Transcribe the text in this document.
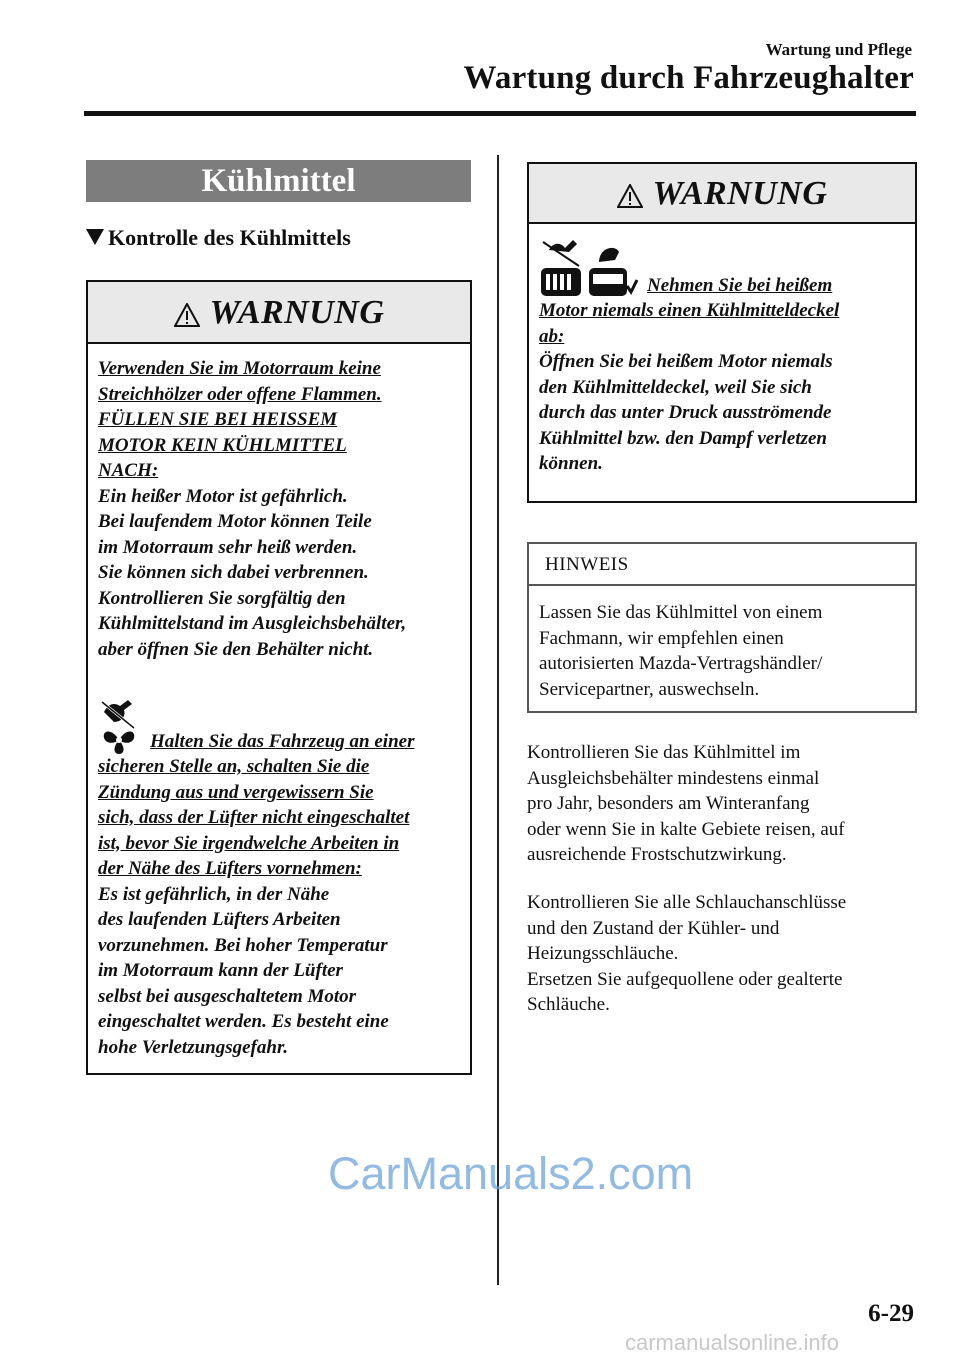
Wartung und Pflege
Wartung durch Fahrzeughalter
Kühlmittel
Kontrolle des Kühlmittels
WARNUNG
Verwenden Sie im Motorraum keine
Streichhölzer oder offene Flammen.
FÜLLEN SIE BEI HEISSEM
MOTOR KEIN KÜHLMITTEL
NACH:
Ein heißer Motor ist gefährlich.
Bei laufendem Motor können Teile
im Motorraum sehr heiß werden.
Sie können sich dabei verbrennen.
Kontrollieren Sie sorgfältig den
Kühlmittelstand im Ausgleichsbehälter,
aber öffnen Sie den Behälter nicht.
Halten Sie das Fahrzeug an einer
sicheren Stelle an, schalten Sie die
Zündung aus und vergewissern Sie
sich, dass der Lüfter nicht eingeschaltet
ist, bevor Sie irgendwelche Arbeiten in
der Nähe des Lüfters vornehmen:
Es ist gefährlich, in der Nähe
des laufenden Lüfters Arbeiten
vorzunehmen. Bei hoher Temperatur
im Motorraum kann der Lüfter
selbst bei ausgeschaltetem Motor
eingeschaltet werden. Es besteht eine
hohe Verletzungsgefahr.
WARNUNG
Nehmen Sie bei heißem
Motor niemals einen Kühlmitteldeckel
ab:
Öffnen Sie bei heißem Motor niemals
den Kühlmitteldeckel, weil Sie sich
durch das unter Druck ausströmende
Kühlmittel bzw. den Dampf verletzen
können.
HINWEIS
Lassen Sie das Kühlmittel von einem
Fachmann, wir empfehlen einen
autorisierten Mazda-Vertragshändler/
Servicepartner, auswechseln.
Kontrollieren Sie das Kühlmittel im
Ausgleichsbehälter mindestens einmal
pro Jahr, besonders am Winteranfang
oder wenn Sie in kalte Gebiete reisen, auf
ausreichende Frostschutzwirkung.
Kontrollieren Sie alle Schlauchanschlüsse
und den Zustand der Kühler- und
Heizungsschläuche.
Ersetzen Sie aufgequollene oder gealterte
Schläuche.
CarManuals2.com
6-29
carmanualsonline.info
